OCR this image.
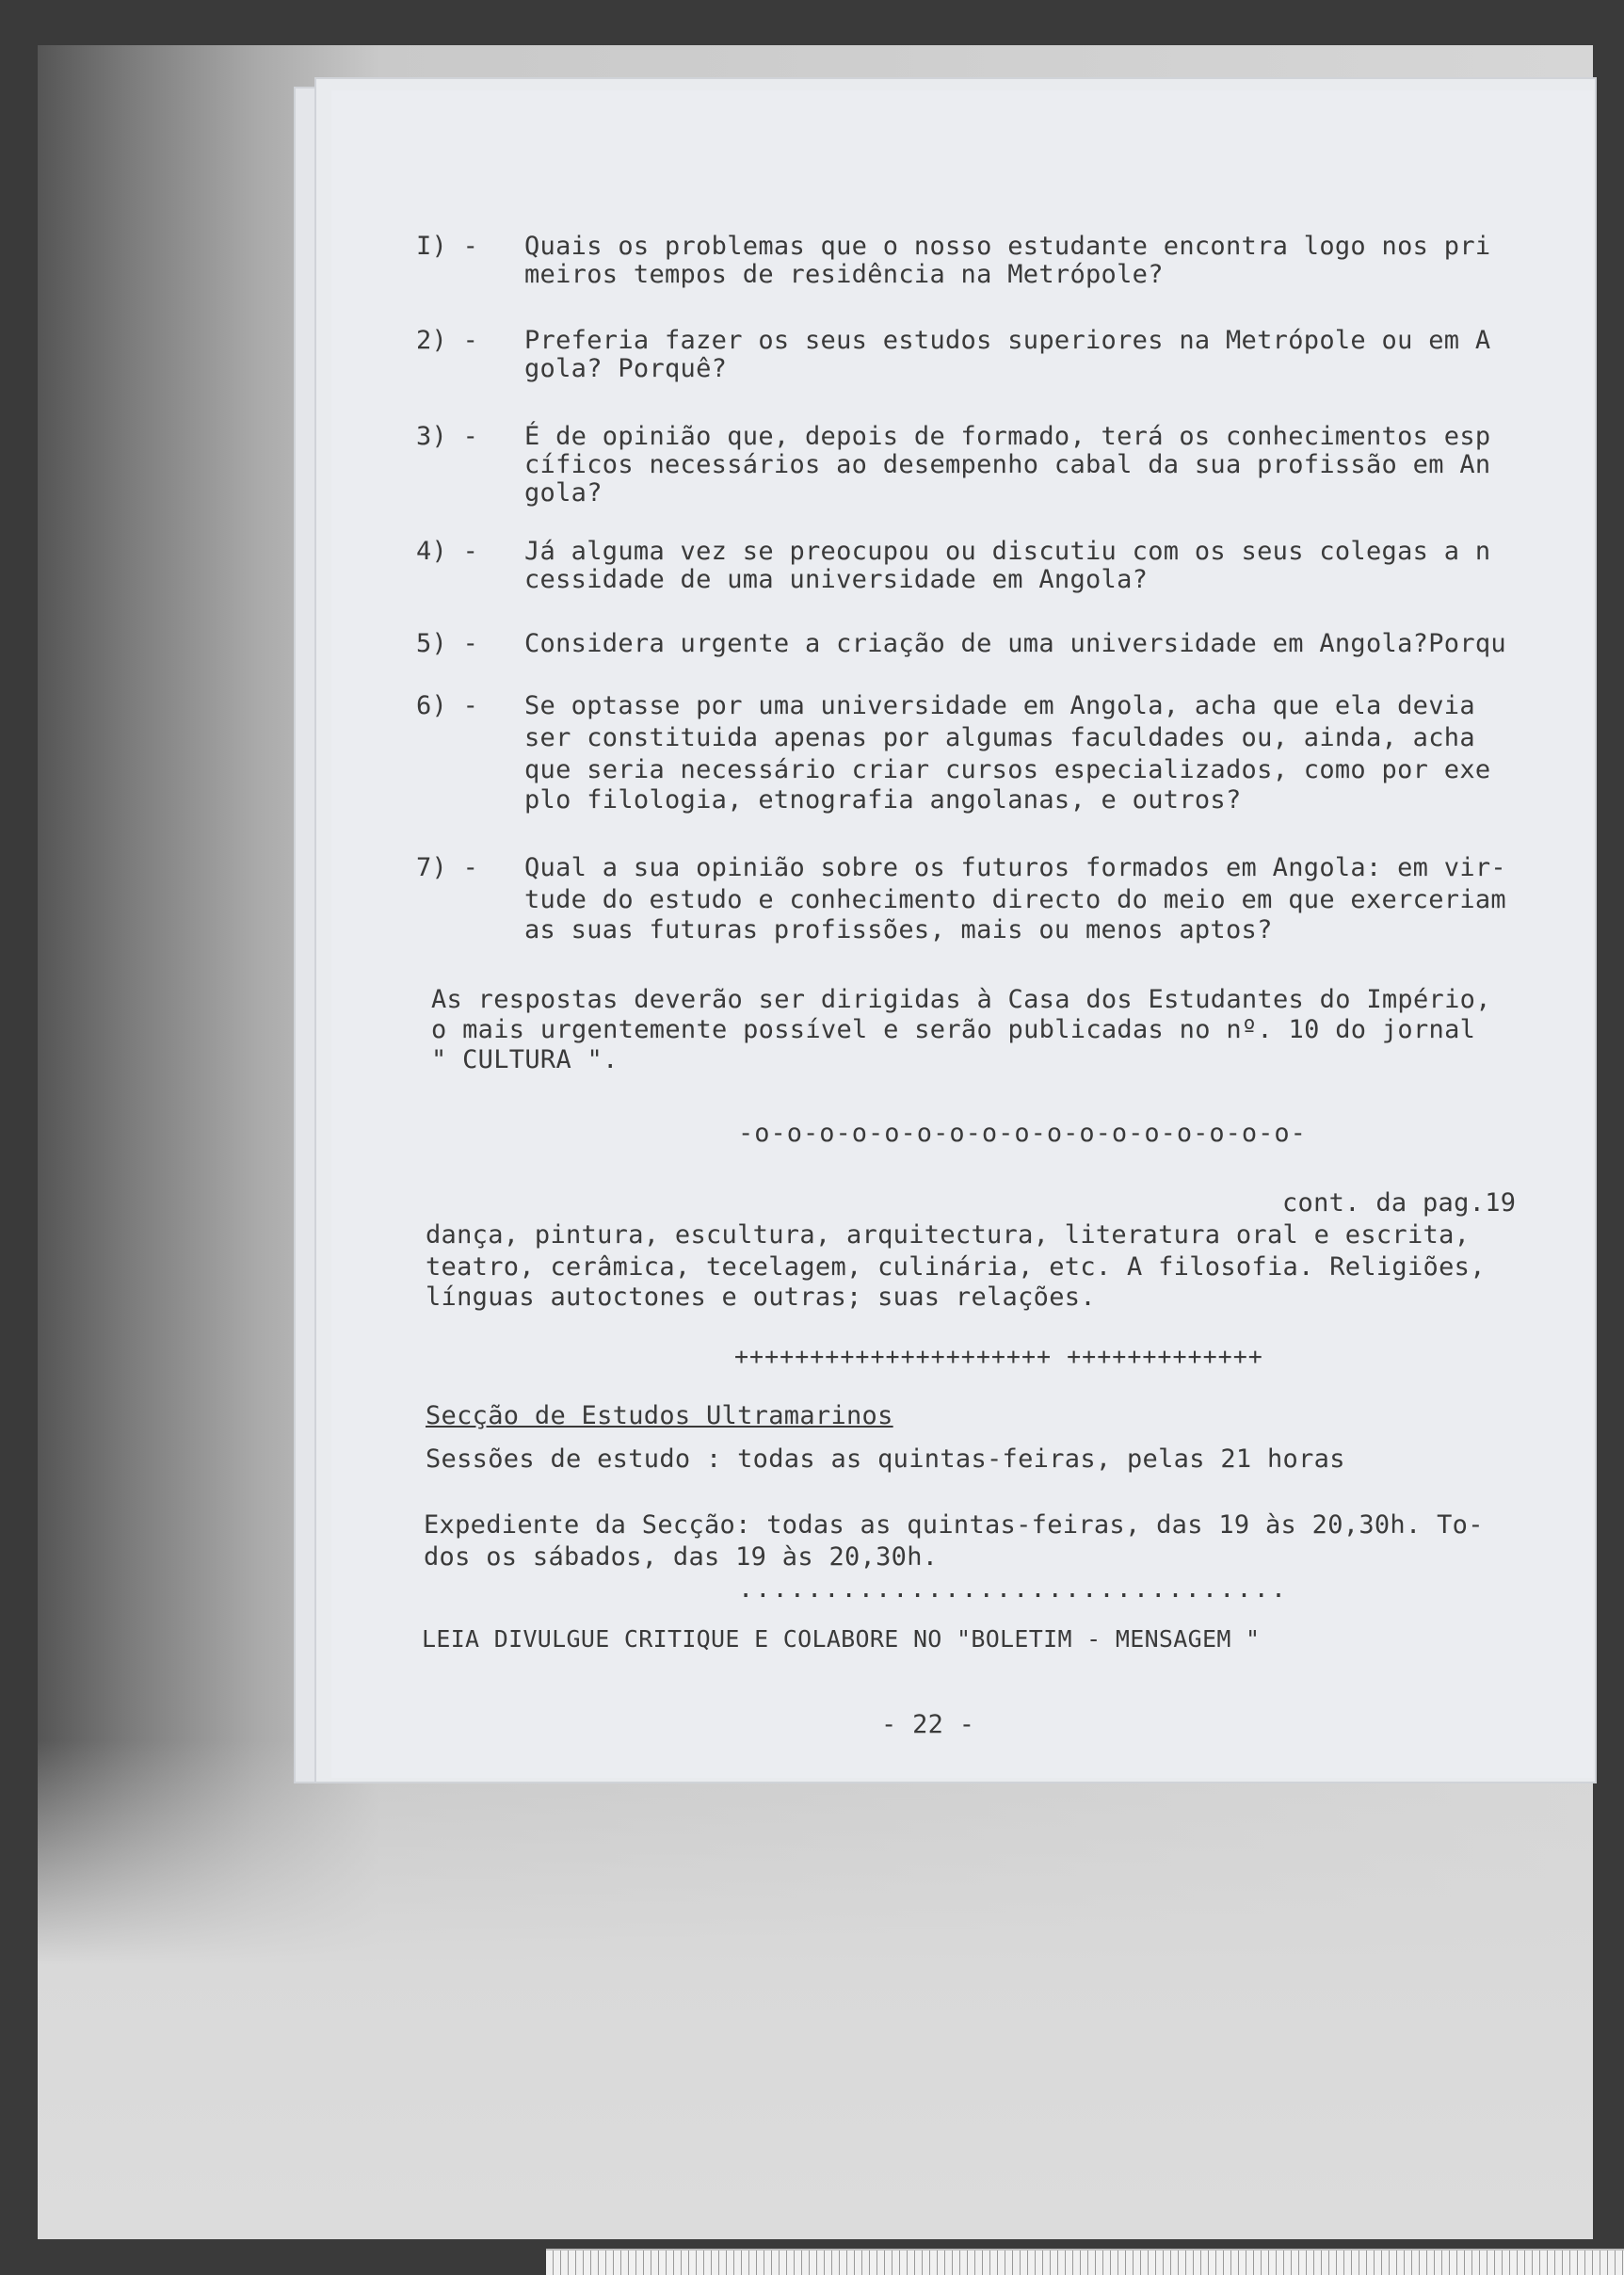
I) -	Quais os problemas que o nosso estudante encontra logo nos pri
meiros tempos de residência na Metrópole?
2) -	Preferia fazer os seus estudos superiores na Metrópole ou em A
gola? Porquê?
3) -	É de opinião que, depois de formado, terá os conhecimentos esp
cíficos necessários ao desempenho cabal da sua profissão em An
gola?
4) -	Já alguma vez se preocupou ou discutiu com os seus colegas a n
cessidade de uma universidade em Angola?
5) -	Considera urgente a criação de uma universidade em Angola?Porqu
6) -	Se optasse por uma universidade em Angola, acha que ela devia
ser constituida apenas por algumas faculdades ou, ainda, acha
que seria necessário criar cursos especializados, como por exe
plo filologia, etnografia angolanas, e outros?
7) -	Qual a sua opinião sobre os futuros formados em Angola: em vir-
tude do estudo e conhecimento directo do meio em que exerceriam
as suas futuras profissões, mais ou menos aptos?
As respostas deverão ser dirigidas à Casa dos Estudantes do Império,
o mais urgentemente possível e serão publicadas no nº. 10 do jornal
" CULTURA ".
-o-o-o-o-o-o-o-o-o-o-o-o-o-o-o-o-o-
cont. da pag.19
dança, pintura, escultura, arquitectura, literatura oral e escrita,
teatro, cerâmica, tecelagem, culinária, etc. A filosofia. Religiões,
línguas autoctones e outras; suas relações.
+++++++++++++++++++++ +++++++++++++
Secção de Estudos Ultramarinos
Sessões de estudo : todas as quintas-feiras, pelas 21 horas
Expediente da Secção: todas as quintas-feiras, das 19 às 20,30h. To-
dos os sábados, das 19 às 20,30h.
................................
LEIA DIVULGUE CRITIQUE E COLABORE NO "BOLETIM - MENSAGEM "
- 22 -
